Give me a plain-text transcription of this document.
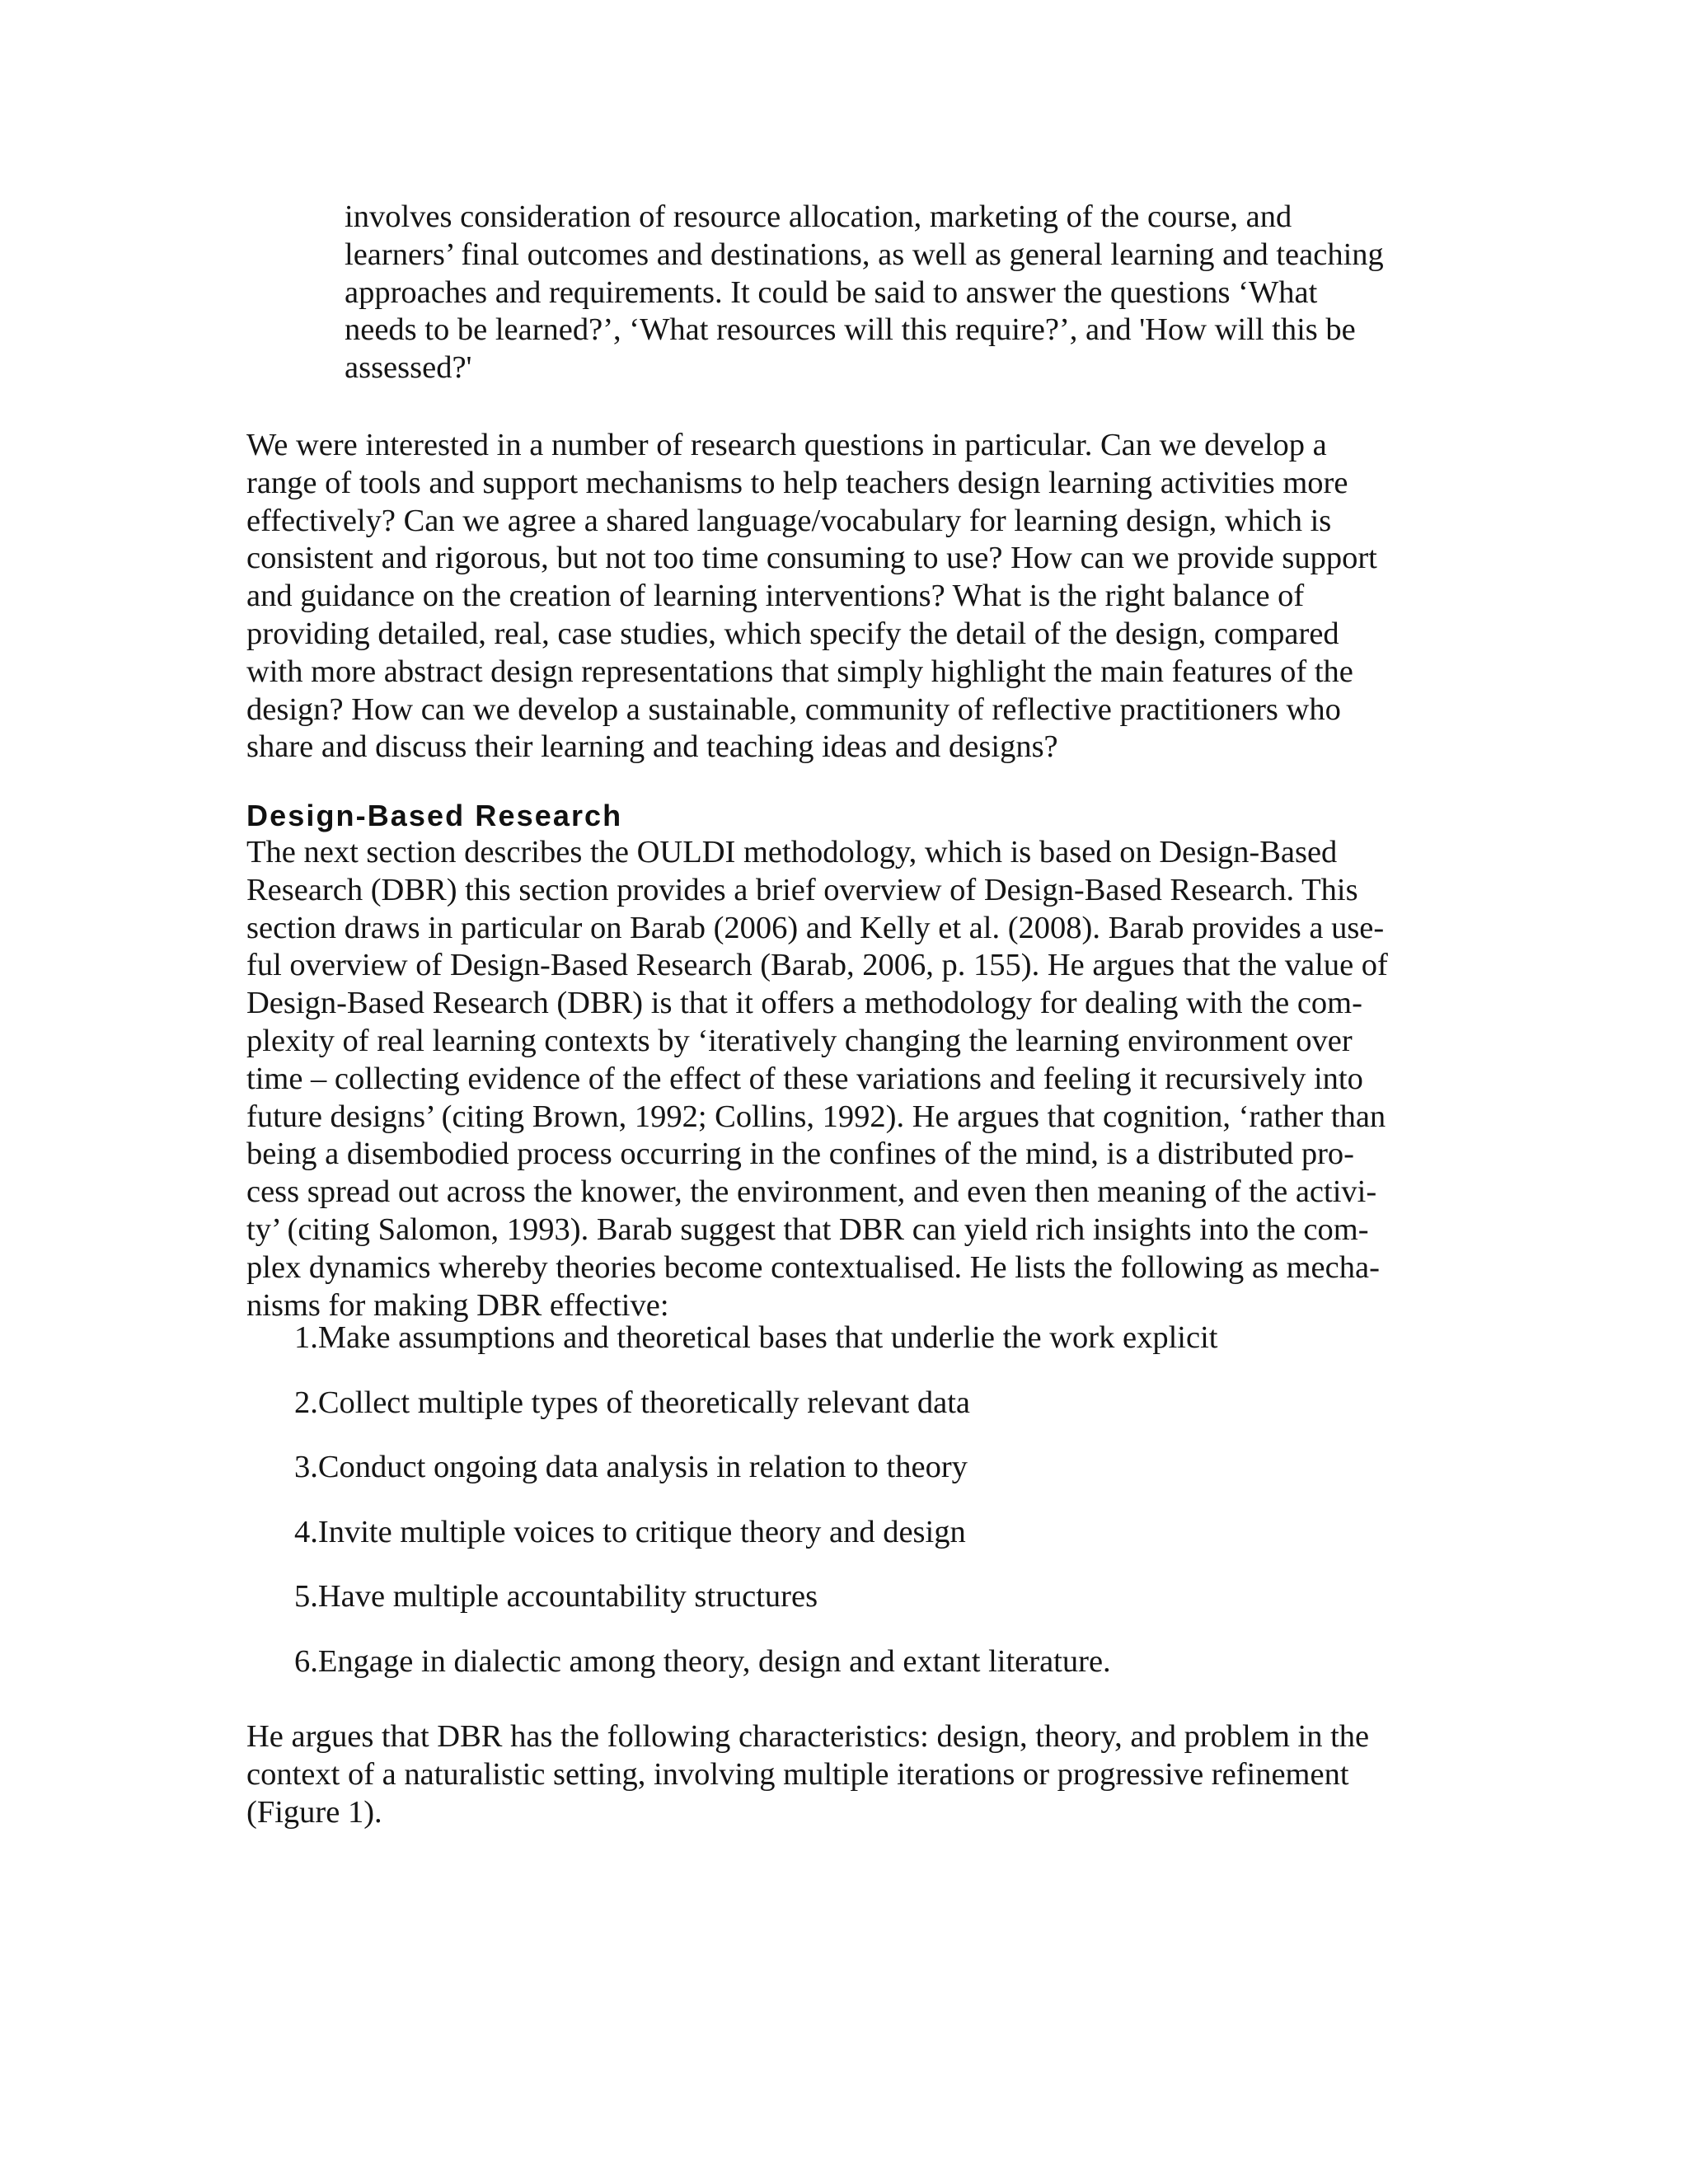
involves consideration of resource allocation, marketing of the course, and
learners’ final outcomes and destinations, as well as general learning and teaching
approaches and requirements. It could be said to answer the questions ‘What
needs to be learned?’, ‘What resources will this require?’, and 'How will this be
assessed?'
We were interested in a number of research questions in particular. Can we develop a
range of tools and support mechanisms to help teachers design learning activities more
effectively? Can we agree a shared language/vocabulary for learning design, which is
consistent and rigorous, but not too time consuming to use? How can we provide support
and guidance on the creation of learning interventions? What is the right balance of
providing detailed, real, case studies, which specify the detail of the design, compared
with more abstract design representations that simply highlight the main features of the
design? How can we develop a sustainable, community of reflective practitioners who
share and discuss their learning and teaching ideas and designs?
Design-Based Research
The next section describes the OULDI methodology, which is based on Design-Based
Research (DBR) this section provides a brief overview of Design-Based Research. This
section draws in particular on Barab (2006) and Kelly et al. (2008). Barab provides a use-
ful overview of Design-Based Research (Barab, 2006, p. 155). He argues that the value of
Design-Based Research (DBR) is that it offers a methodology for dealing with the com-
plexity of real learning contexts by ‘iteratively changing the learning environment over
time – collecting evidence of the effect of these variations and feeling it recursively into
future designs’ (citing Brown, 1992; Collins, 1992). He argues that cognition, ‘rather than
being a disembodied process occurring in the confines of the mind, is a distributed pro-
cess spread out across the knower, the environment, and even then meaning of the activi-
ty’ (citing Salomon, 1993). Barab suggest that DBR can yield rich insights into the com-
plex dynamics whereby theories become contextualised. He lists the following as mecha-
nisms for making DBR effective:
1.Make assumptions and theoretical bases that underlie the work explicit
2.Collect multiple types of theoretically relevant data
3.Conduct ongoing data analysis in relation to theory
4.Invite multiple voices to critique theory and design
5.Have multiple accountability structures
6.Engage in dialectic among theory, design and extant literature.
He argues that DBR has the following characteristics: design, theory, and problem in the
context of a naturalistic setting, involving multiple iterations or progressive refinement
(Figure 1).
